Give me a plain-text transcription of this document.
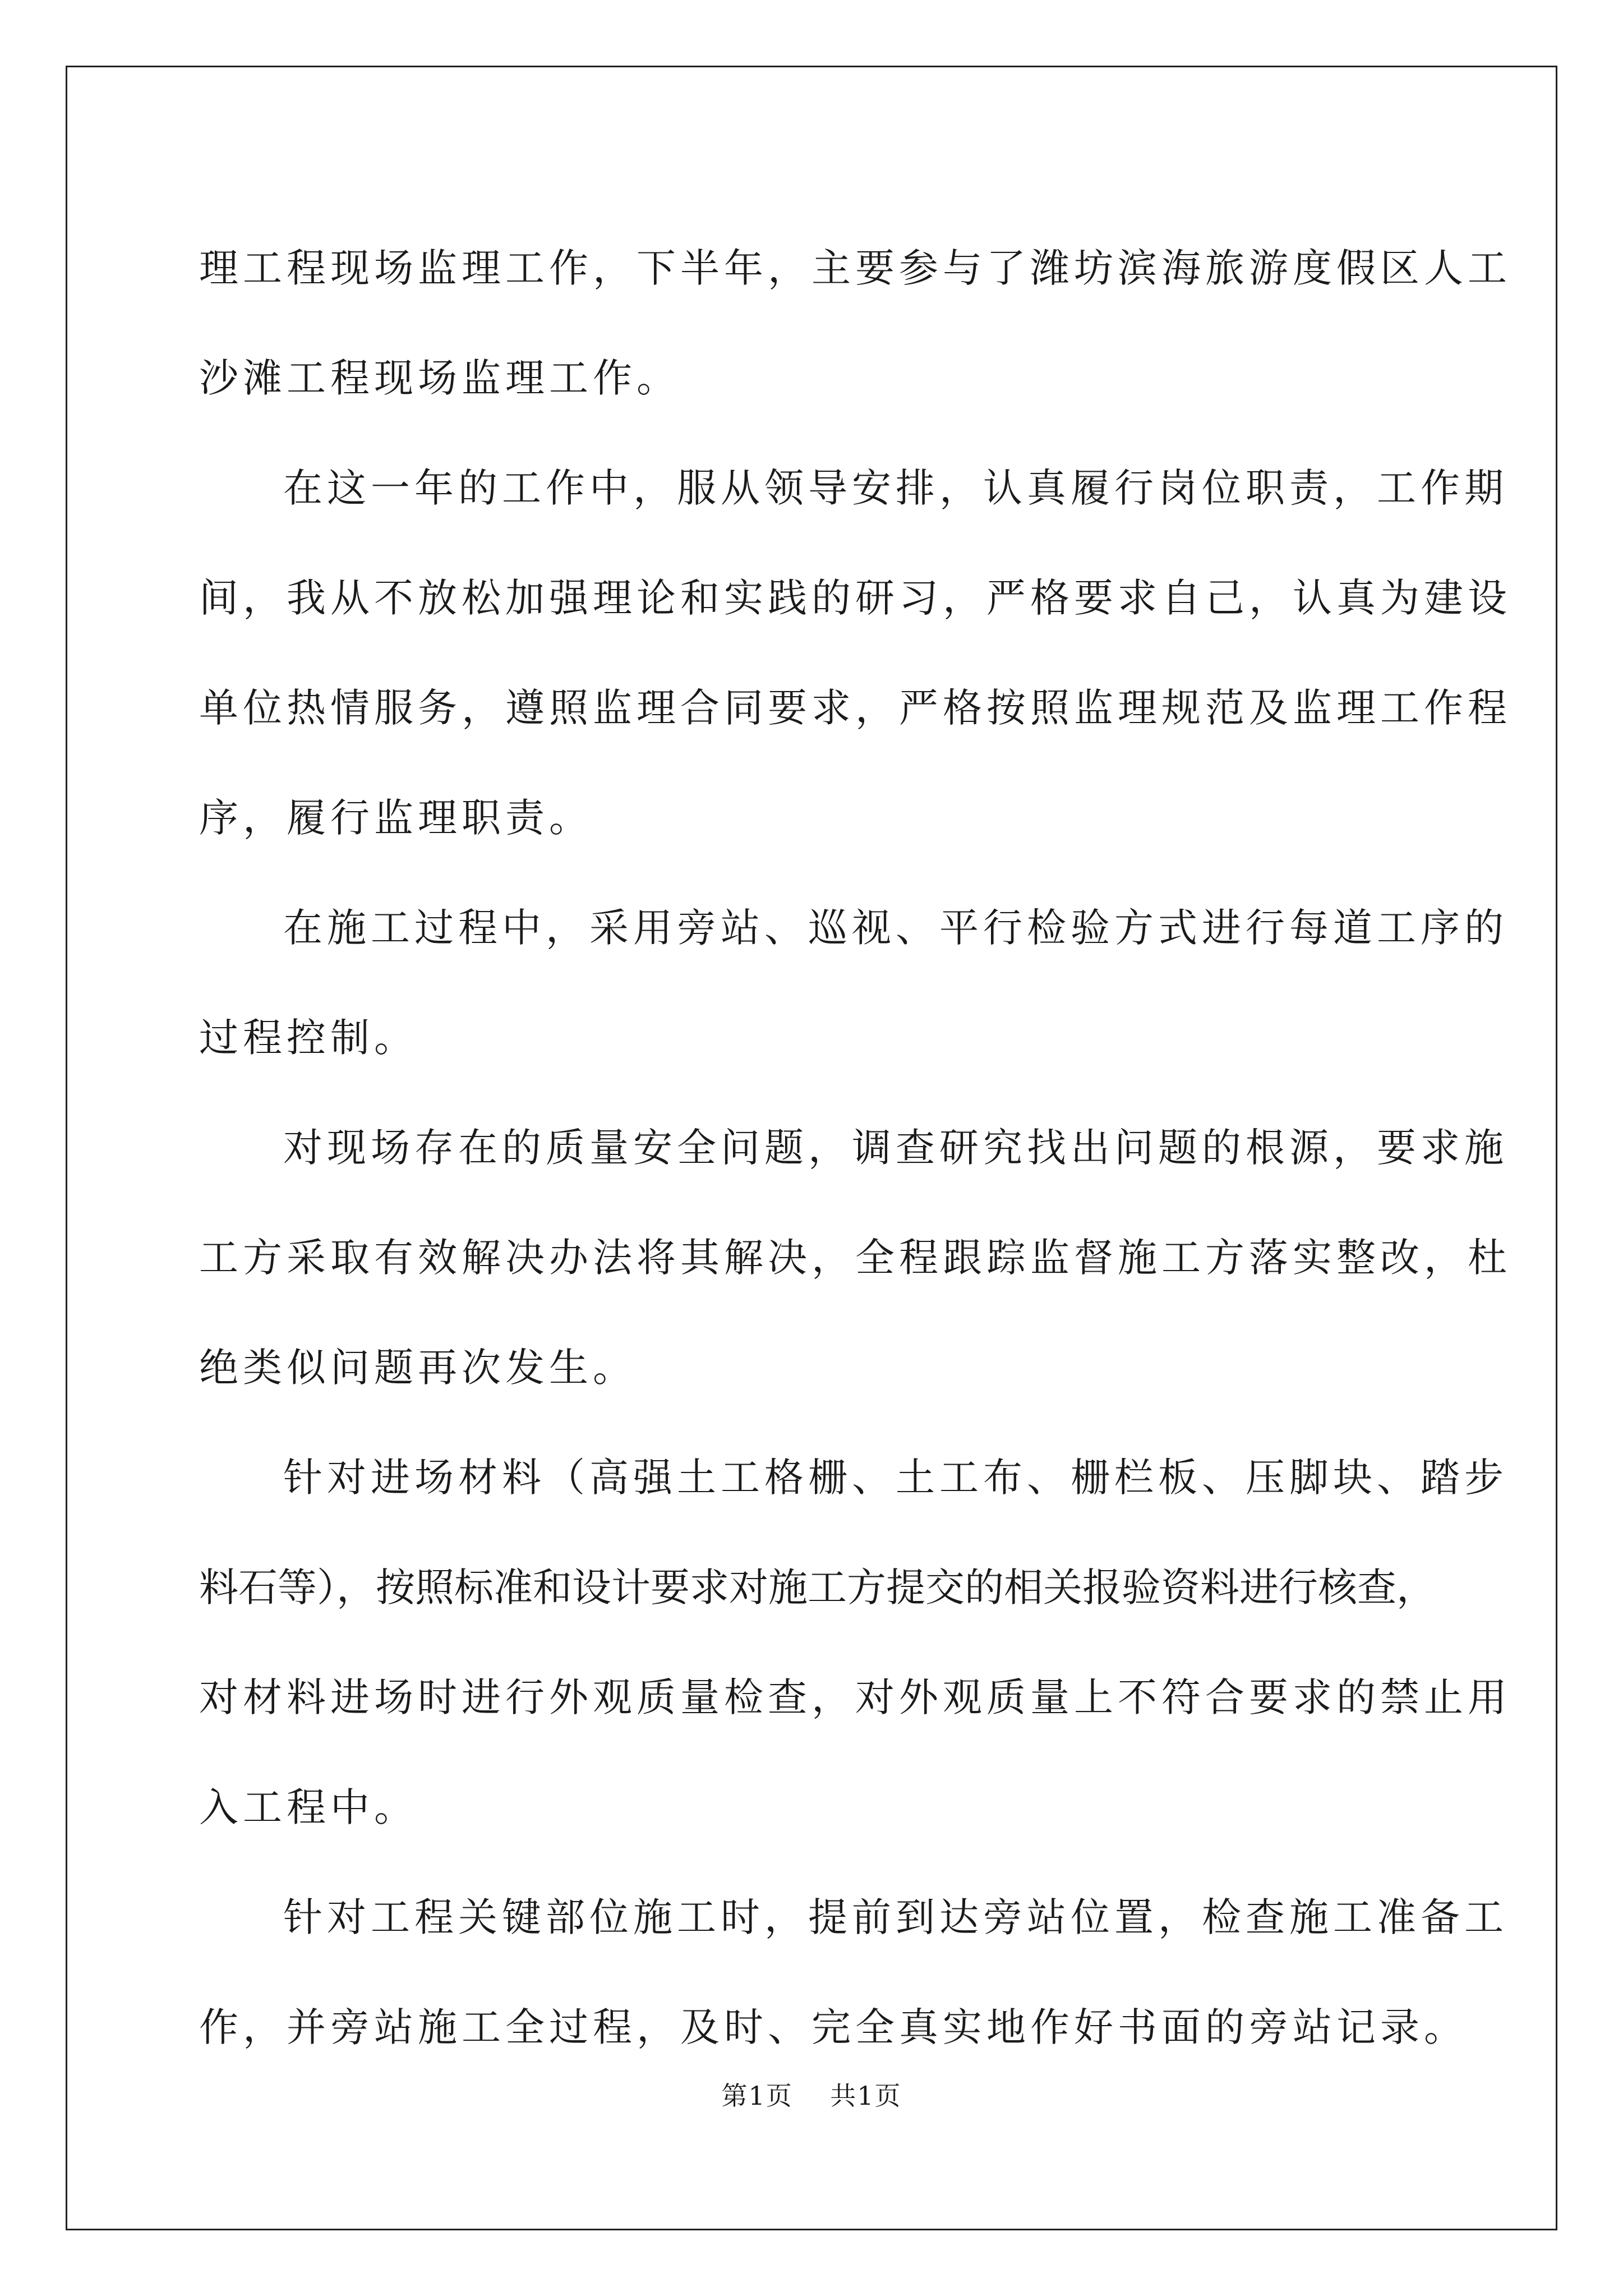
理工程现场监理工作，下半年，主要参与了潍坊滨海旅游度假区人工
沙滩工程现场监理工作。
在这一年的工作中，服从领导安排，认真履行岗位职责，工作期
间，我从不放松加强理论和实践的研习，严格要求自己，认真为建设
单位热情服务，遵照监理合同要求，严格按照监理规范及监理工作程
序，履行监理职责。
在施工过程中，采用旁站、巡视、平行检验方式进行每道工序的
过程控制。
对现场存在的质量安全问题，调查研究找出问题的根源，要求施
工方采取有效解决办法将其解决，全程跟踪监督施工方落实整改，杜
绝类似问题再次发生。
针对进场材料（高强土工格栅、土工布、栅栏板、压脚块、踏步
料石等），按照标准和设计要求对施工方提交的相关报验资料进行核查，
对材料进场时进行外观质量检查，对外观质量上不符合要求的禁止用
入工程中。
针对工程关键部位施工时，提前到达旁站位置，检查施工准备工
作，并旁站施工全过程，及时、完全真实地作好书面的旁站记录。
第1页 共1页
